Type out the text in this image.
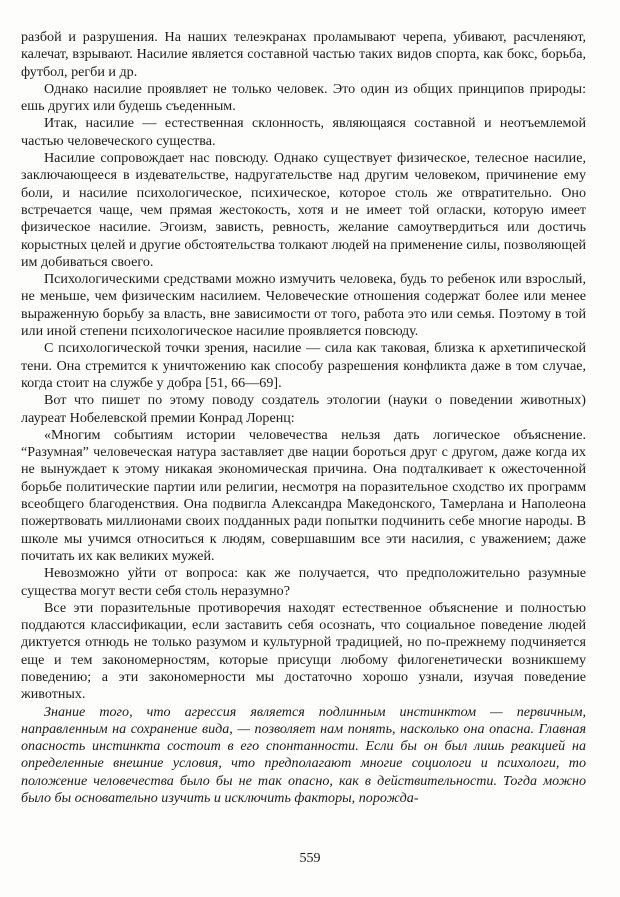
разбой и разрушения. На наших телеэкранах проламывают черепа, убивают, расчленяют, калечат, взрывают. Насилие является составной частью таких видов спорта, как бокс, борьба, футбол, регби и др.

Однако насилие проявляет не только человек. Это один из общих принципов природы: ешь других или будешь съеденным.

Итак, насилие — естественная склонность, являющаяся составной и неотъемлемой частью человеческого существа.

Насилие сопровождает нас повсюду. Однако существует физическое, телесное насилие, заключающееся в издевательстве, надругательстве над другим человеком, причинение ему боли, и насилие психологическое, психическое, которое столь же отвратительно. Оно встречается чаще, чем прямая жестокость, хотя и не имеет той огласки, которую имеет физическое насилие. Эгоизм, зависть, ревность, желание самоутвердиться или достичь корыстных целей и другие обстоятельства толкают людей на применение силы, позволяющей им добиваться своего.

Психологическими средствами можно измучить человека, будь то ребенок или взрослый, не меньше, чем физическим насилием. Человеческие отношения содержат более или менее выраженную борьбу за власть, вне зависимости от того, работа это или семья. Поэтому в той или иной степени психологическое насилие проявляется повсюду.

С психологической точки зрения, насилие — сила как таковая, близка к архетипической тени. Она стремится к уничтожению как способу разрешения конфликта даже в том случае, когда стоит на службе у добра [51, 66—69].

Вот что пишет по этому поводу создатель этологии (науки о поведении животных) лауреат Нобелевской премии Конрад Лоренц:

«Многим событиям истории человечества нельзя дать логическое объяснение. “Разумная” человеческая натура заставляет две нации бороться друг с другом, даже когда их не вынуждает к этому никакая экономическая причина. Она подталкивает к ожесточенной борьбе политические партии или религии, несмотря на поразительное сходство их программ всеобщего благоденствия. Она подвигла Александра Македонского, Тамерлана и Наполеона пожертвовать миллионами своих подданных ради попытки подчинить себе многие народы. В школе мы учимся относиться к людям, совершавшим все эти насилия, с уважением; даже почитать их как великих мужей.

Невозможно уйти от вопроса: как же получается, что предположительно разумные существа могут вести себя столь неразумно?

Все эти поразительные противоречия находят естественное объяснение и полностью поддаются классификации, если заставить себя осознать, что социальное поведение людей диктуется отнюдь не только разумом и культурной традицией, но по-прежнему подчиняется еще и тем закономерностям, которые присущи любому филогенетически возникшему поведению; а эти закономерности мы достаточно хорошо узнали, изучая поведение животных.

Знание того, что агрессия является подлинным инстинктом — первичным, направленным на сохранение вида, — позволяет нам понять, насколько она опасна. Главная опасность инстинкта состоит в его спонтанности. Если бы он был лишь реакцией на определенные внешние условия, что предполагают многие социологи и психологи, то положение человечества было бы не так опасно, как в действительности. Тогда можно было бы основательно изучить и исключить факторы, порожда-

559
